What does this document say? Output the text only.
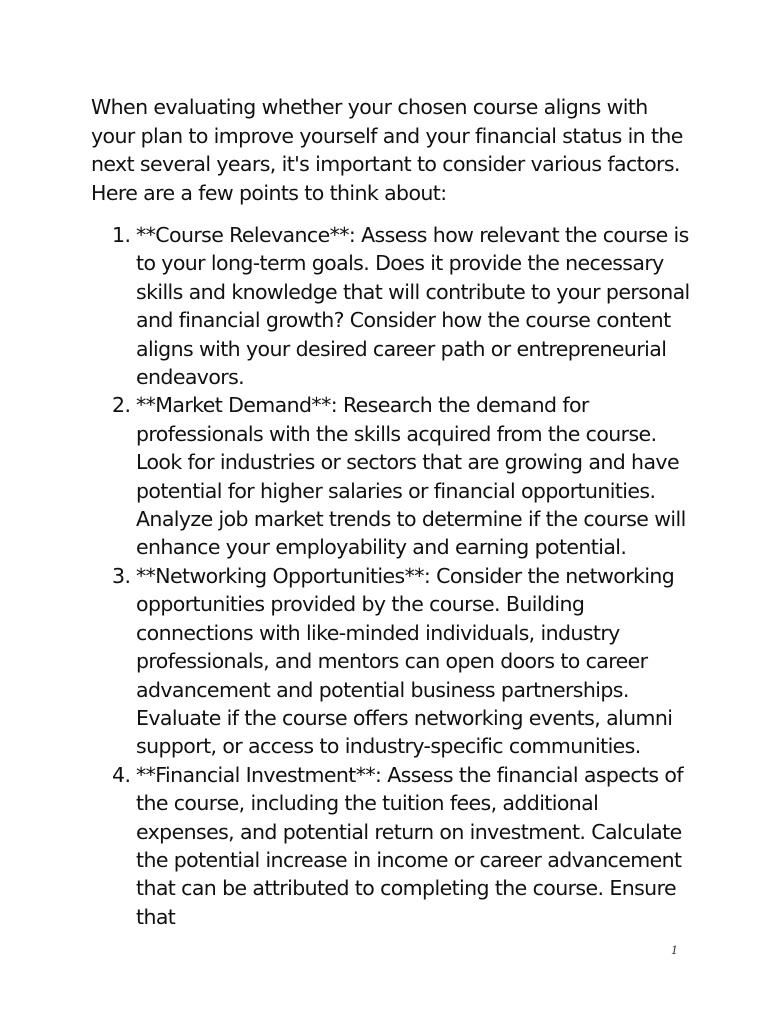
When evaluating whether your chosen course aligns with your plan to improve yourself and your financial status in the next several years, it's important to consider various factors. Here are a few points to think about:

1. **Course Relevance**: Assess how relevant the course is to your long-term goals. Does it provide the necessary skills and knowledge that will contribute to your personal and financial growth? Consider how the course content aligns with your desired career path or entrepreneurial endeavors.
2. **Market Demand**: Research the demand for professionals with the skills acquired from the course. Look for industries or sectors that are growing and have potential for higher salaries or financial opportunities. Analyze job market trends to determine if the course will enhance your employability and earning potential.
3. **Networking Opportunities**: Consider the networking opportunities provided by the course. Building connections with like-minded individuals, industry professionals, and mentors can open doors to career advancement and potential business partnerships. Evaluate if the course offers networking events, alumni support, or access to industry-specific communities.
4. **Financial Investment**: Assess the financial aspects of the course, including the tuition fees, additional expenses, and potential return on investment. Calculate the potential increase in income or career advancement that can be attributed to completing the course. Ensure that
1
